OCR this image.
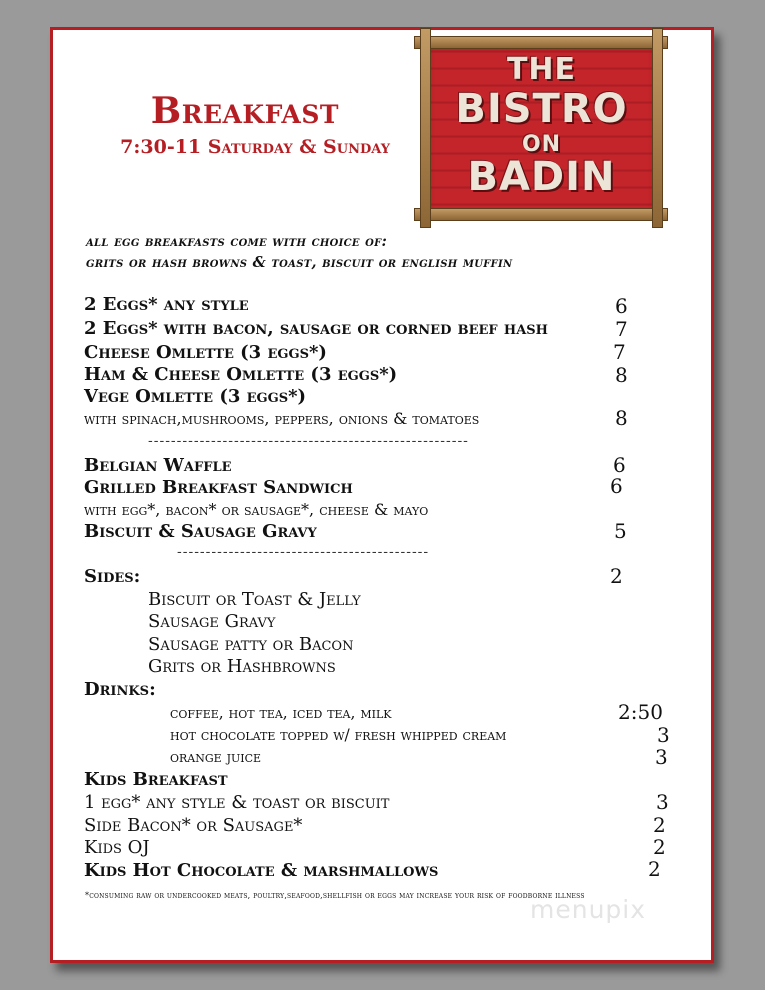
Breakfast
7:30-11 Saturday & Sunday
THE
BISTRO
ON
BADIN
all egg breakfasts come with choice of:
grits or hash browns & toast, biscuit or english muffin
2 Eggs* any style	6
2 Eggs* with bacon, sausage or corned beef hash	7
Cheese Omlette (3 eggs*)	7
Ham & Cheese Omlette (3 eggs*)	8
Vege Omlette (3 eggs*)
with spinach,mushrooms, peppers, onions & tomatoes	8
--------------------------------------------------------
Belgian Waffle	6
Grilled Breakfast Sandwich	6
with egg*, bacon* or sausage*, cheese & mayo
Biscuit & Sausage Gravy	5
--------------------------------------------
Sides:	2
Biscuit or Toast & Jelly
Sausage Gravy
Sausage patty or Bacon
Grits or Hashbrowns
Drinks:
coffee, hot tea, iced tea, milk	2:50
hot chocolate topped w/ fresh whipped cream	3
orange juice	3
Kids Breakfast
1 egg* any style & toast or biscuit	3
Side Bacon* or Sausage*	2
Kids OJ	2
Kids Hot Chocolate & marshmallows	2
*consuming raw or undercooked meats, poultry,seafood,shellfish or eggs may increase your risk of foodborne illness
menupix
